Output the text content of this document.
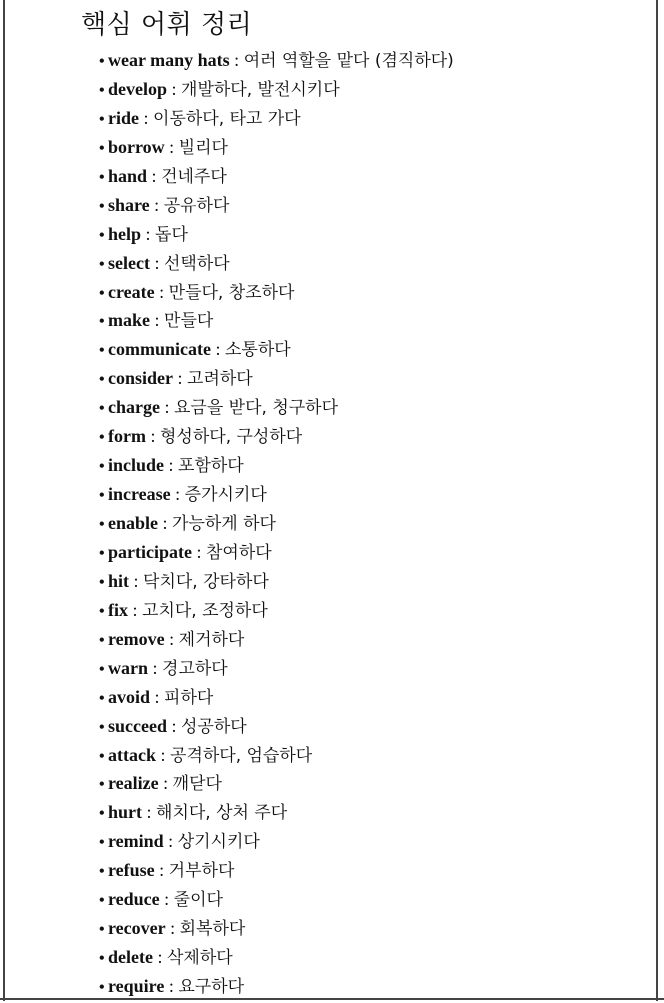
핵심 어휘 정리
• wear many hats : 여러 역할을 맡다 (겸직하다)
• develop : 개발하다, 발전시키다
• ride : 이동하다, 타고 가다
• borrow : 빌리다
• hand : 건네주다
• share : 공유하다
• help : 돕다
• select : 선택하다
• create : 만들다, 창조하다
• make : 만들다
• communicate : 소통하다
• consider : 고려하다
• charge : 요금을 받다, 청구하다
• form : 형성하다, 구성하다
• include : 포함하다
• increase : 증가시키다
• enable : 가능하게 하다
• participate : 참여하다
• hit : 닥치다, 강타하다
• fix : 고치다, 조정하다
• remove : 제거하다
• warn : 경고하다
• avoid : 피하다
• succeed : 성공하다
• attack : 공격하다, 엄습하다
• realize : 깨닫다
• hurt : 해치다, 상처 주다
• remind : 상기시키다
• refuse : 거부하다
• reduce : 줄이다
• recover : 회복하다
• delete : 삭제하다
• require : 요구하다
